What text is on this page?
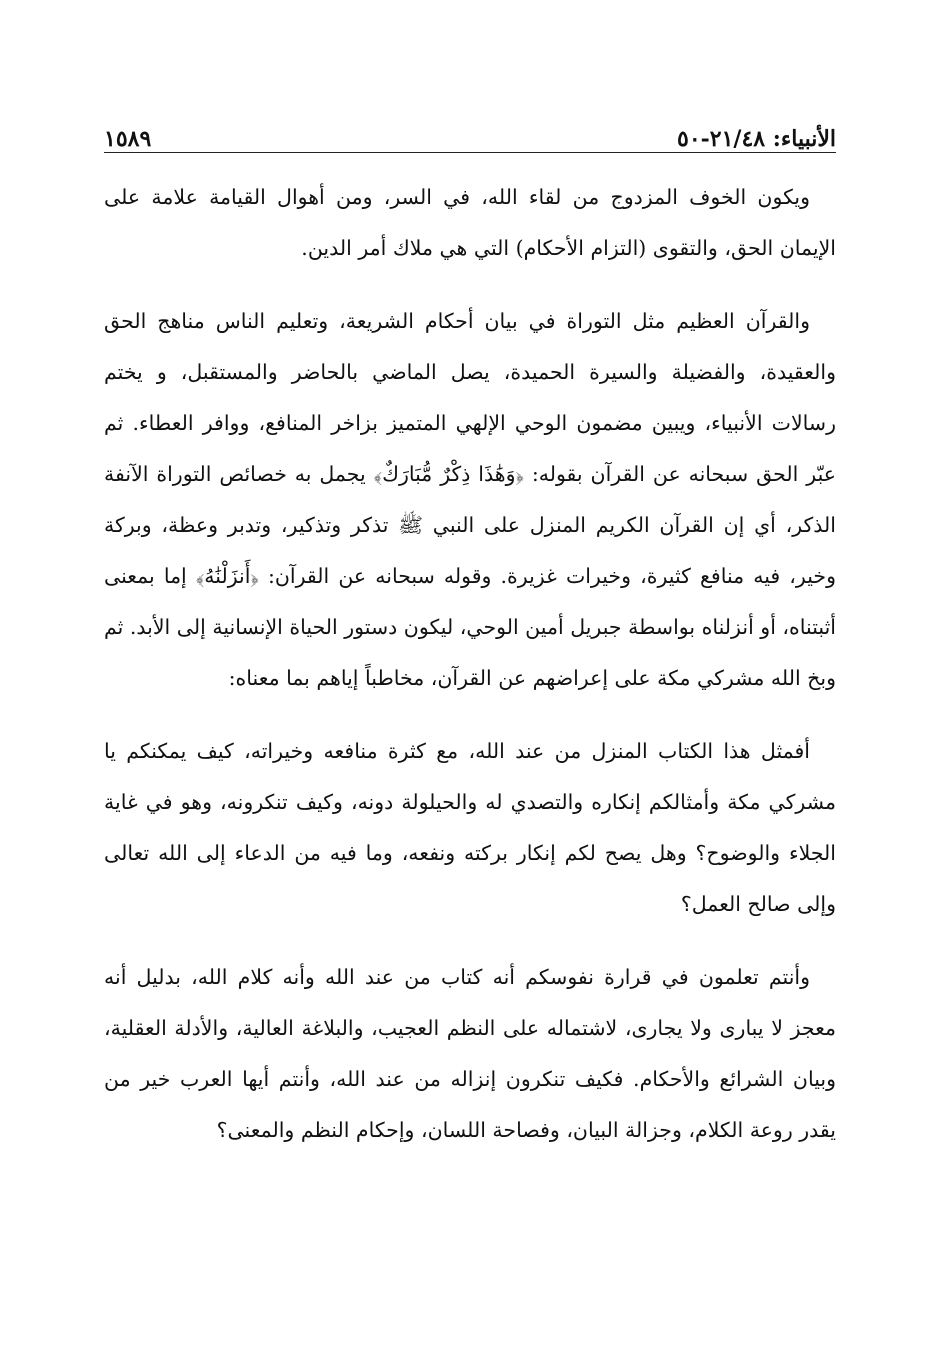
الأنبياء: ٢١/٤٨-٥٠
١٥٨٩

ويكون الخوف المزدوج من لقاء الله، في السر، ومن أهوال القيامة علامة على الإيمان الحق، والتقوى (التزام الأحكام) التي هي ملاك أمر الدين.

والقرآن العظيم مثل التوراة في بيان أحكام الشريعة، وتعليم الناس مناهج الحق والعقيدة، والفضيلة والسيرة الحميدة، يصل الماضي بالحاضر والمستقبل، و يختم رسالات الأنبياء، ويبين مضمون الوحي الإلهي المتميز بزاخر المنافع، ووافر العطاء. ثم عبّر الحق سبحانه عن القرآن بقوله: ﴿وَهَٰذَا ذِكْرٌ مُّبَارَكٌ﴾ يجمل به خصائص التوراة الآنفة الذكر، أي إن القرآن الكريم المنزل على النبي ﷺ تذكر وتذكير، وتدبر وعظة، وبركة وخير، فيه منافع كثيرة، وخيرات غزيرة. وقوله سبحانه عن القرآن: ﴿أَنزَلْنَٰهُ﴾ إما بمعنى أثبتناه، أو أنزلناه بواسطة جبريل أمين الوحي، ليكون دستور الحياة الإنسانية إلى الأبد. ثم وبخ الله مشركي مكة على إعراضهم عن القرآن، مخاطباً إياهم بما معناه:

أفمثل هذا الكتاب المنزل من عند الله، مع كثرة منافعه وخيراته، كيف يمكنكم يا مشركي مكة وأمثالكم إنكاره والتصدي له والحيلولة دونه، وكيف تنكرونه، وهو في غاية الجلاء والوضوح؟ وهل يصح لكم إنكار بركته ونفعه، وما فيه من الدعاء إلى الله تعالى وإلى صالح العمل؟

وأنتم تعلمون في قرارة نفوسكم أنه كتاب من عند الله وأنه كلام الله، بدليل أنه معجز لا يبارى ولا يجارى، لاشتماله على النظم العجيب، والبلاغة العالية، والأدلة العقلية، وبيان الشرائع والأحكام. فكيف تنكرون إنزاله من عند الله، وأنتم أيها العرب خير من يقدر روعة الكلام، وجزالة البيان، وفصاحة اللسان، وإحكام النظم والمعنى؟
